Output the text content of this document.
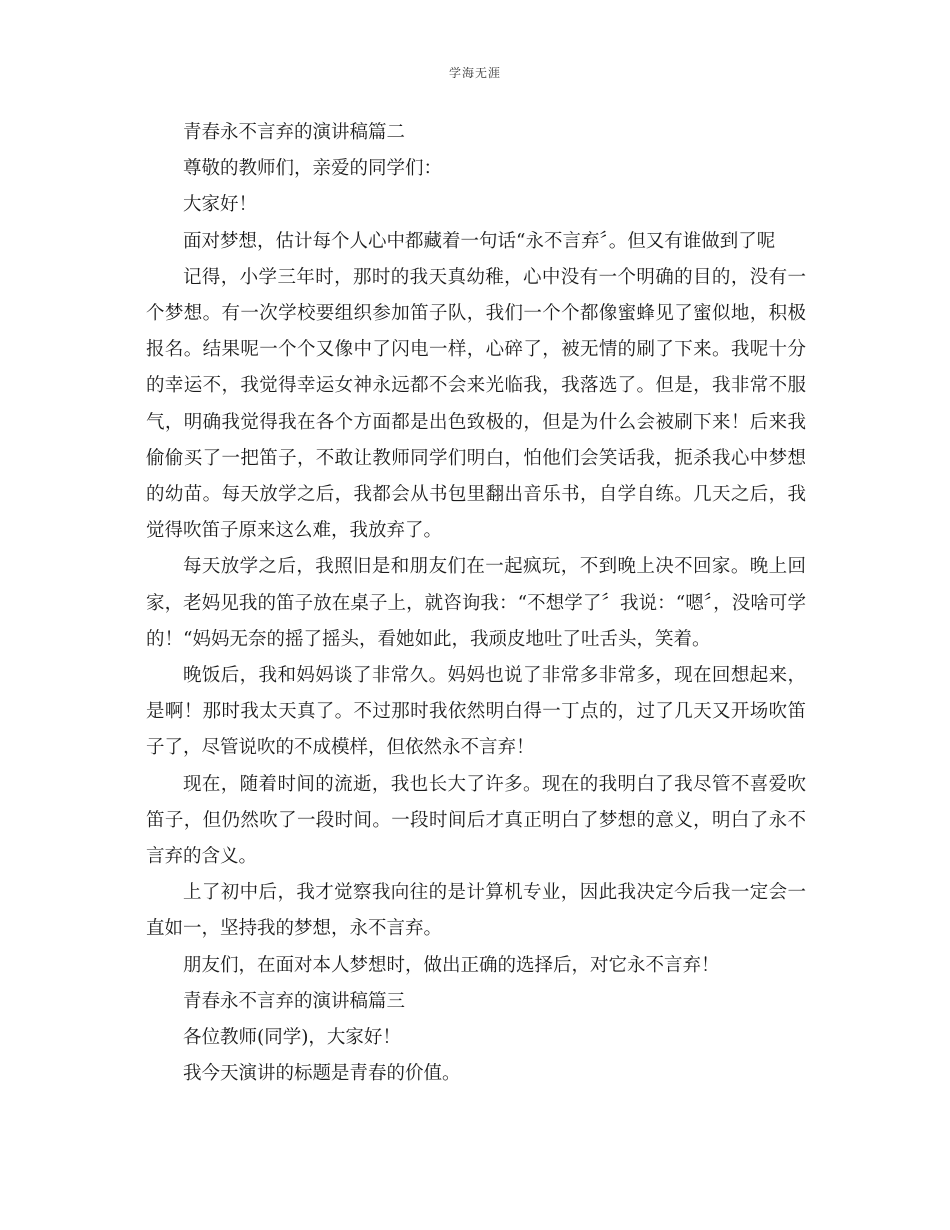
学海无涯

青春永不言弃的演讲稿篇二

尊敬的教师们，亲爱的同学们：

大家好！

面对梦想，估计每个人心中都藏着一句话“永不言弃〞。但又有谁做到了呢

记得，小学三年时，那时的我天真幼稚，心中没有一个明确的目的，没有一个梦想。有一次学校要组织参加笛子队，我们一个个都像蜜蜂见了蜜似地，积极报名。结果呢一个个又像中了闪电一样，心碎了，被无情的刷了下来。我呢十分的幸运不，我觉得幸运女神永远都不会来光临我，我落选了。但是，我非常不服气，明确我觉得我在各个方面都是出色致极的，但是为什么会被刷下来！后来我偷偷买了一把笛子，不敢让教师同学们明白，怕他们会笑话我，扼杀我心中梦想的幼苗。每天放学之后，我都会从书包里翻出音乐书，自学自练。几天之后，我觉得吹笛子原来这么难，我放弃了。

每天放学之后，我照旧是和朋友们在一起疯玩，不到晚上决不回家。晚上回家，老妈见我的笛子放在桌子上，就咨询我：“不想学了〞我说：“嗯〞，没啥可学的！“妈妈无奈的摇了摇头，看她如此，我顽皮地吐了吐舌头，笑着。

晚饭后，我和妈妈谈了非常久。妈妈也说了非常多非常多，现在回想起来，是啊！那时我太天真了。不过那时我依然明白得一丁点的，过了几天又开场吹笛子了，尽管说吹的不成模样，但依然永不言弃！

现在，随着时间的流逝，我也长大了许多。现在的我明白了我尽管不喜爱吹笛子，但仍然吹了一段时间。一段时间后才真正明白了梦想的意义，明白了永不言弃的含义。

上了初中后，我才觉察我向往的是计算机专业，因此我决定今后我一定会一直如一，坚持我的梦想，永不言弃。

朋友们，在面对本人梦想时，做出正确的选择后，对它永不言弃！

青春永不言弃的演讲稿篇三

各位教师(同学)，大家好！

我今天演讲的标题是青春的价值。
